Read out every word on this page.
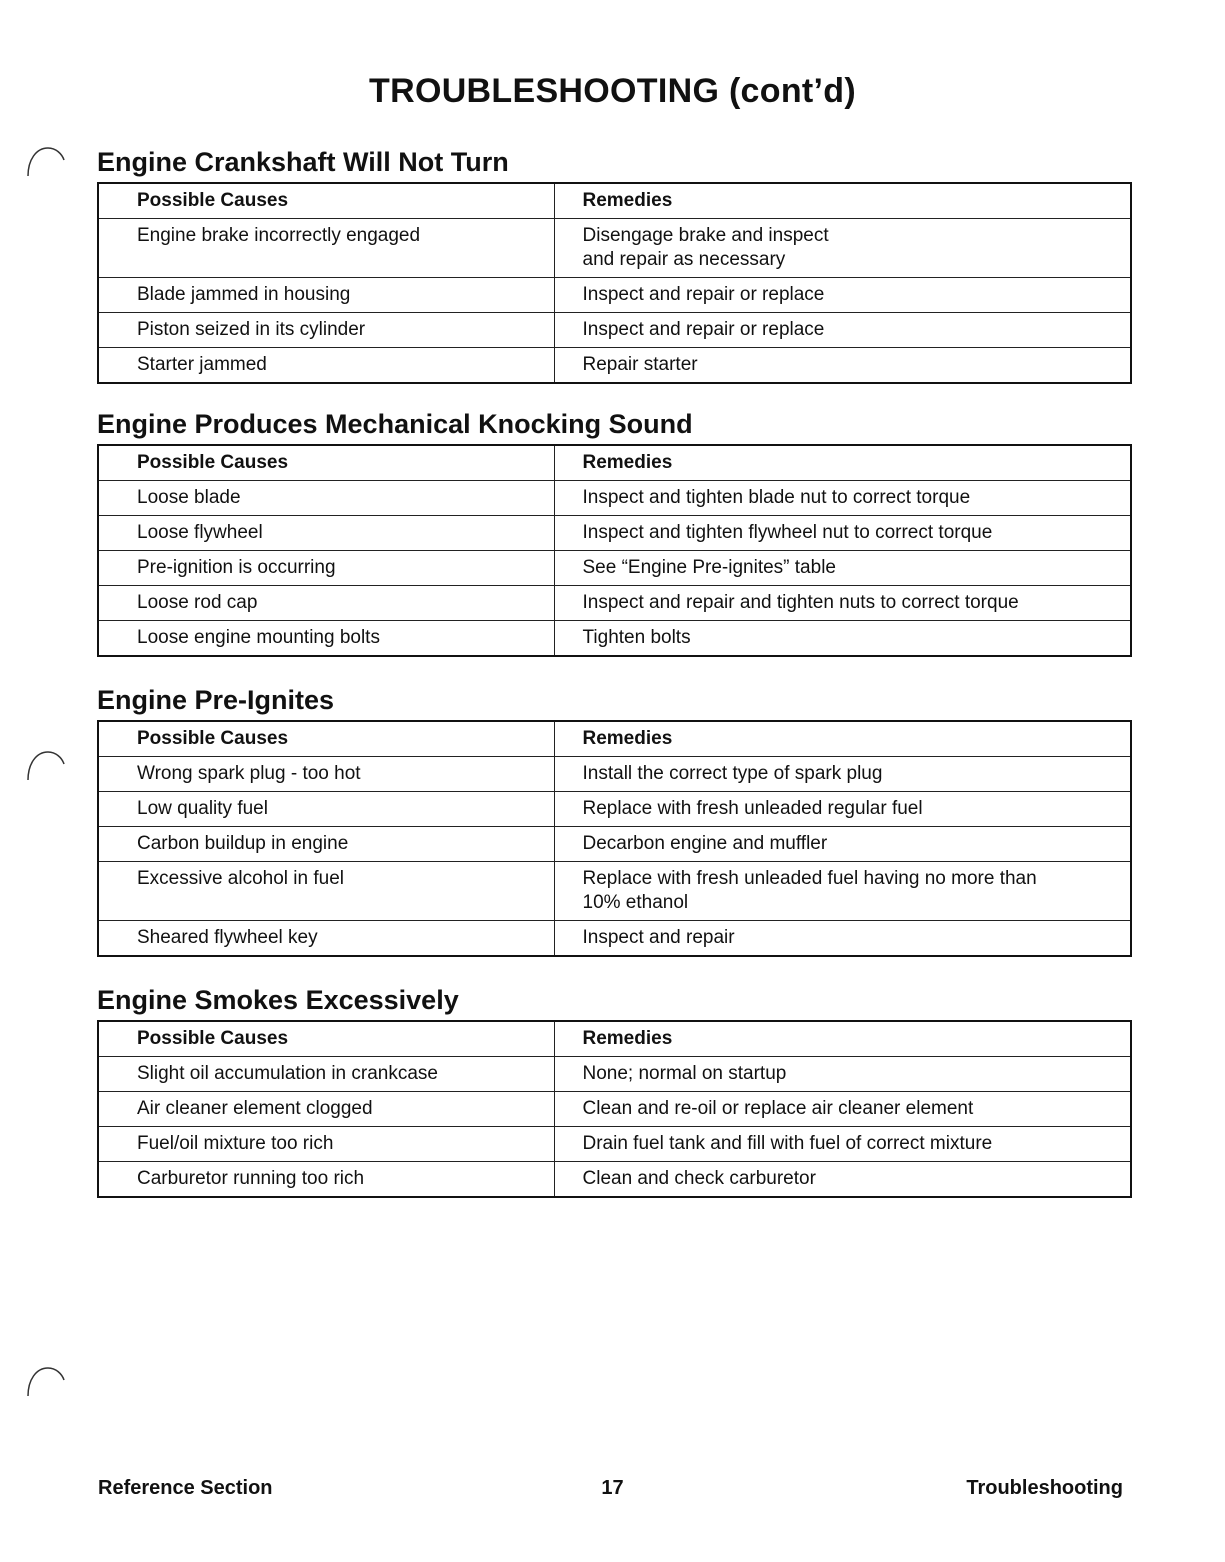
TROUBLESHOOTING (cont’d)
Engine Crankshaft Will Not Turn
Possible Causes	Remedies
Engine brake incorrectly engaged	Disengage brake and inspect
and repair as necessary
Blade jammed in housing	Inspect and repair or replace
Piston seized in its cylinder	Inspect and repair or replace
Starter jammed	Repair starter
Engine Produces Mechanical Knocking Sound
Possible Causes	Remedies
Loose blade	Inspect and tighten blade nut to correct torque
Loose flywheel	Inspect and tighten flywheel nut to correct torque
Pre-ignition is occurring	See “Engine Pre-ignites” table
Loose rod cap	Inspect and repair and tighten nuts to correct torque
Loose engine mounting bolts	Tighten bolts
Engine Pre-Ignites
Possible Causes	Remedies
Wrong spark plug - too hot	Install the correct type of spark plug
Low quality fuel	Replace with fresh unleaded regular fuel
Carbon buildup in engine	Decarbon engine and muffler
Excessive alcohol in fuel	Replace with fresh unleaded fuel having no more than
10% ethanol
Sheared flywheel key	Inspect and repair
Engine Smokes Excessively
Possible Causes	Remedies
Slight oil accumulation in crankcase	None; normal on startup
Air cleaner element clogged	Clean and re-oil or replace air cleaner element
Fuel/oil mixture too rich	Drain fuel tank and fill with fuel of correct mixture
Carburetor running too rich	Clean and check carburetor
Reference Section	17	Troubleshooting
